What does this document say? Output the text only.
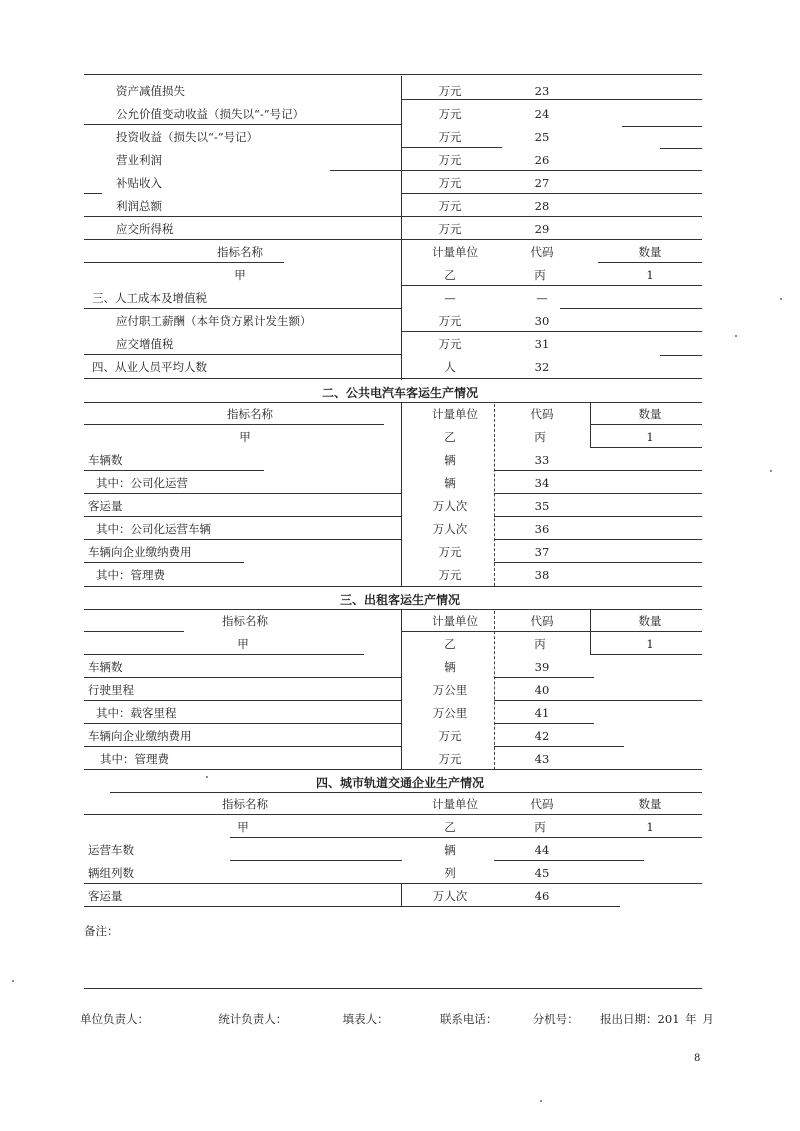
资产减值损失	万元	23
公允价值变动收益（损失以“-”号记）	万元	24
投资收益（损失以“-”号记）	万元	25
营业利润	万元	26
补贴收入	万元	27
利润总额	万元	28
应交所得税	万元	29
指标名称	计量单位	代码	数量
甲	乙	丙	1
三、人工成本及增值税	—	—
应付职工薪酬（本年贷方累计发生额）	万元	30
应交增值税	万元	31
四、从业人员平均人数	人	32
二、公共电汽车客运生产情况
指标名称	计量单位	代码	数量
甲	乙	丙	1
车辆数	辆	33
其中：公司化运营	辆	34
客运量	万人次	35
其中：公司化运营车辆	万人次	36
车辆向企业缴纳费用	万元	37
其中：管理费	万元	38
三、出租客运生产情况
指标名称	计量单位	代码	数量
甲	乙	丙	1
车辆数	辆	39
行驶里程	万公里	40
其中：载客里程	万公里	41
车辆向企业缴纳费用	万元	42
其中：管理费	万元	43
四、城市轨道交通企业生产情况
指标名称	计量单位	代码	数量
甲	乙	丙	1
运营车数	辆	44
辆组列数	列	45
客运量	万人次	46
备注：
单位负责人：	统计负责人：	填表人：	联系电话：	分机号： 报出日期：201 年 月
8
